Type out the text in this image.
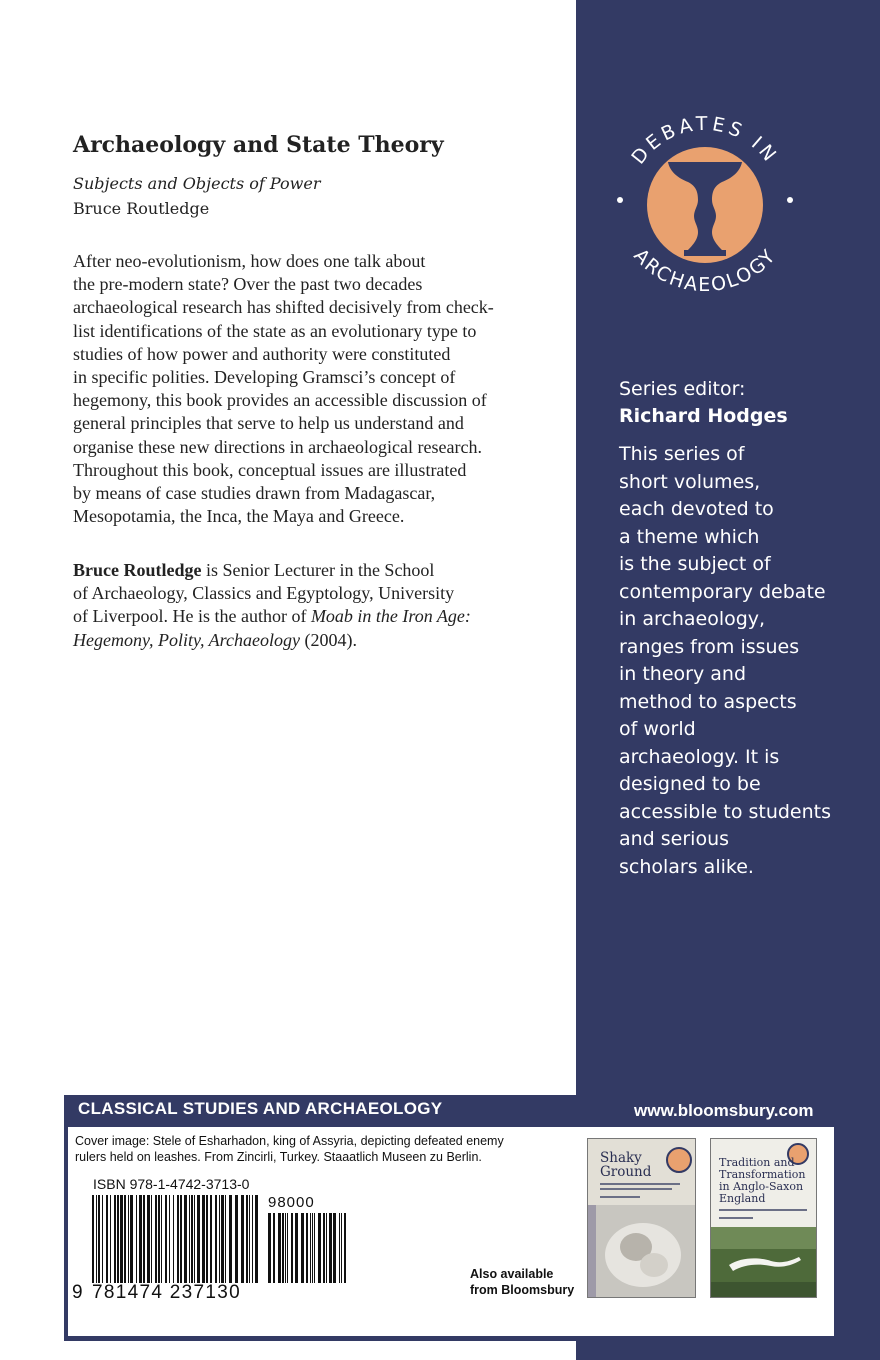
DEBATES IN
ARCHAEOLOGY
Series editor:
Richard Hodges
This series of
short volumes,
each devoted to
a theme which
is the subject of
contemporary debate
in archaeology,
ranges from issues
in theory and
method to aspects
of world
archaeology. It is
designed to be
accessible to students
and serious
scholars alike.
Archaeology and State Theory
Subjects and Objects of Power
Bruce Routledge
After neo-evolutionism, how does one talk about
the pre-modern state? Over the past two decades
archaeological research has shifted decisively from check-
list identifications of the state as an evolutionary type to
studies of how power and authority were constituted
in specific polities. Developing Gramsci’s concept of
hegemony, this book provides an accessible discussion of
general principles that serve to help us understand and
organise these new directions in archaeological research.
Throughout this book, conceptual issues are illustrated
by means of case studies drawn from Madagascar,
Mesopotamia, the Inca, the Maya and Greece.
Bruce Routledge is Senior Lecturer in the School
of Archaeology, Classics and Egyptology, University
of Liverpool. He is the author of Moab in the Iron Age:
Hegemony, Polity, Archaeology (2004).
CLASSICAL STUDIES AND ARCHAEOLOGY	www.bloomsbury.com
Cover image: Stele of Esharhadon, king of Assyria, depicting defeated enemy
rulers held on leashes. From Zincirli, Turkey. Staaatlich Museen zu Berlin.
ISBN 978-1-4742-3713-0
98000
9 781474 237130
Also available
from Bloomsbury
Shaky
Ground
Tradition and
Transformation
in Anglo-Saxon
England
